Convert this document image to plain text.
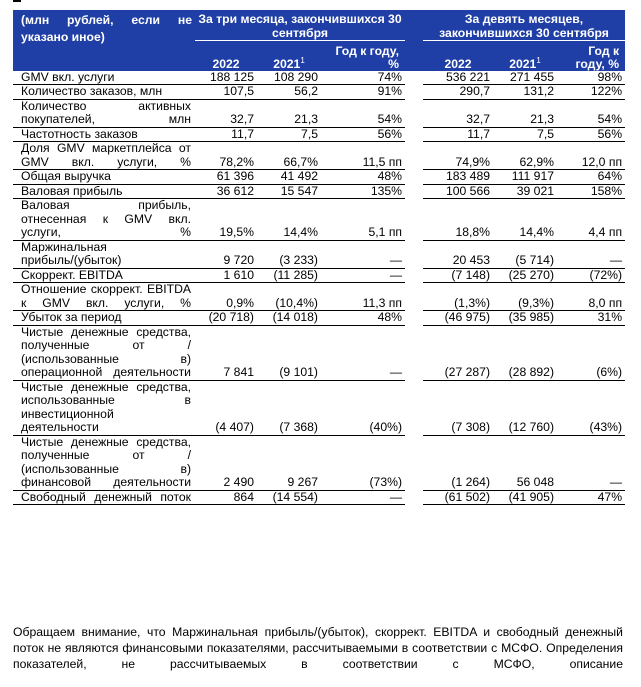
(млн рублей, если не указано иное)	За три месяца, закончившихся 30 сентября				За девять месяцев, закончившихся 30 сентября		
	2022	2021$^1$	Год к году, %		2022	2021$^1$	Год к году, %
GMV вкл. услуги	188 125	108 290	74%		536 221	271 455	98%
Количество заказов, млн	107,5	56,2	91%		290,7	131,2	122%
Количество активных покупателей, млн	32,7	21,3	54%		32,7	21,3	54%
Частотность заказов	11,7	7,5	56%		11,7	7,5	56%
Доля GMV маркетплейса от GMV вкл. услуги, %	78,2%	66,7%	11,5 пп		74,9%	62,9%	12,0 пп
Общая выручка	61 396	41 492	48%		183 489	111 917	64%
Валовая прибыль	36 612	15 547	135%		100 566	39 021	158%
Валовая прибыль, отнесенная к GMV вкл. услуги, %	19,5%	14,4%	5,1 пп		18,8%	14,4%	4,4 пп
Маржинальная прибыль/(убыток)	9 720	(3 233)	—		20 453	(5 714)	—
Скоррект. EBITDA	1 610	(11 285)	—		(7 148)	(25 270)	(72%)
Отношение скоррект. EBITDA к GMV вкл. услуги, %	0,9%	(10,4%)	11,3 пп		(1,3%)	(9,3%)	8,0 пп
Убыток за период	(20 718)	(14 018)	48%		(46 975)	(35 985)	31%
Чистые денежные средства, полученные от / (использованные в) операционной деятельности	7 841	(9 101)	—		(27 287)	(28 892)	(6%)
Чистые денежные средства, использованные в инвестиционной деятельности	(4 407)	(7 368)	(40%)		(7 308)	(12 760)	(43%)
Чистые денежные средства, полученные от / (использованные в) финансовой деятельности	2 490	9 267	(73%)		(1 264)	56 048	—
Свободный денежный поток	864	(14 554)	—		(61 502)	(41 905)	47%
Обращаем внимание, что Маржинальная прибыль/(убыток), скоррект. EBITDA и свободный денежный поток не являются финансовыми показателями, рассчитываемыми в соответствии с МСФО. Определения показателей, не рассчитываемых в соответствии с МСФО, описание
